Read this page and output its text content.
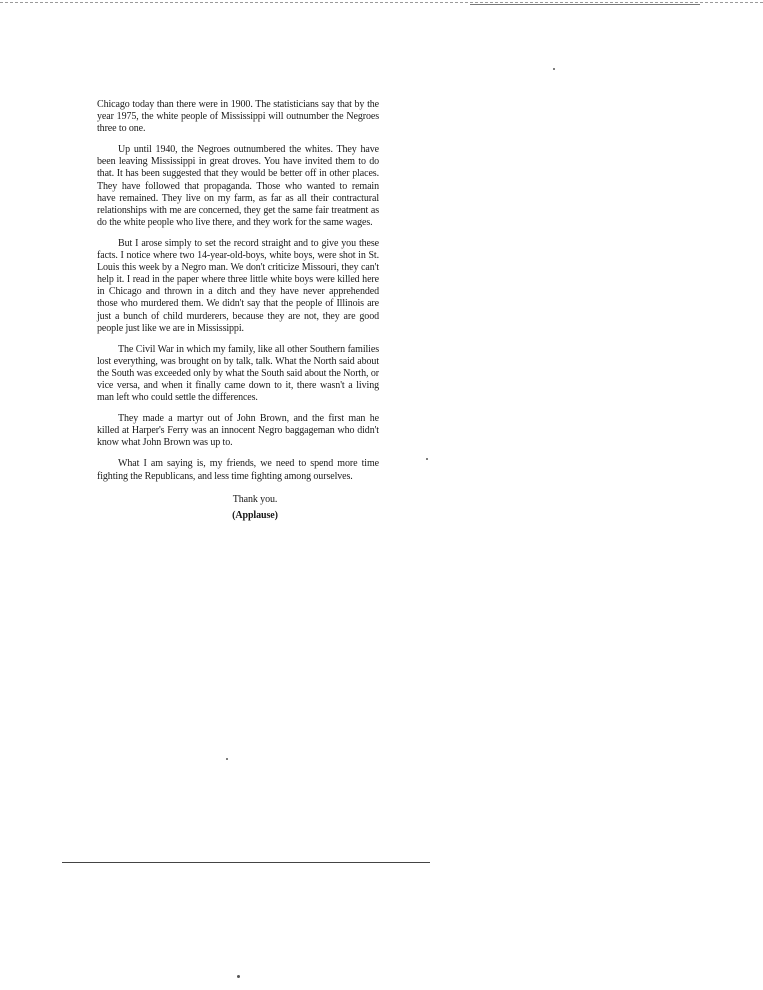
Chicago today than there were in 1900. The statisticians say that by the year 1975, the white people of Mississippi will outnumber the Negroes three to one.

Up until 1940, the Negroes outnumbered the whites. They have been leaving Mississippi in great droves. You have invited them to do that. It has been suggested that they would be better off in other places. They have followed that propaganda. Those who wanted to remain have remained. They live on my farm, as far as all their contractural relationships with me are concerned, they get the same fair treatment as do the white people who live there, and they work for the same wages.

But I arose simply to set the record straight and to give you these facts. I notice where two 14-year-old-boys, white boys, were shot in St. Louis this week by a Negro man. We don't criticize Missouri, they can't help it. I read in the paper where three little white boys were killed here in Chicago and thrown in a ditch and they have never apprehended those who murdered them. We didn't say that the people of Illinois are just a bunch of child murderers, because they are not, they are good people just like we are in Mississippi.

The Civil War in which my family, like all other Southern families lost everything, was brought on by talk, talk. What the North said about the South was exceeded only by what the South said about the North, or vice versa, and when it finally came down to it, there wasn't a living man left who could settle the differences.

They made a martyr out of John Brown, and the first man he killed at Harper's Ferry was an innocent Negro baggageman who didn't know what John Brown was up to.

What I am saying is, my friends, we need to spend more time fighting the Republicans, and less time fighting among ourselves.

Thank you.
(Applause)
